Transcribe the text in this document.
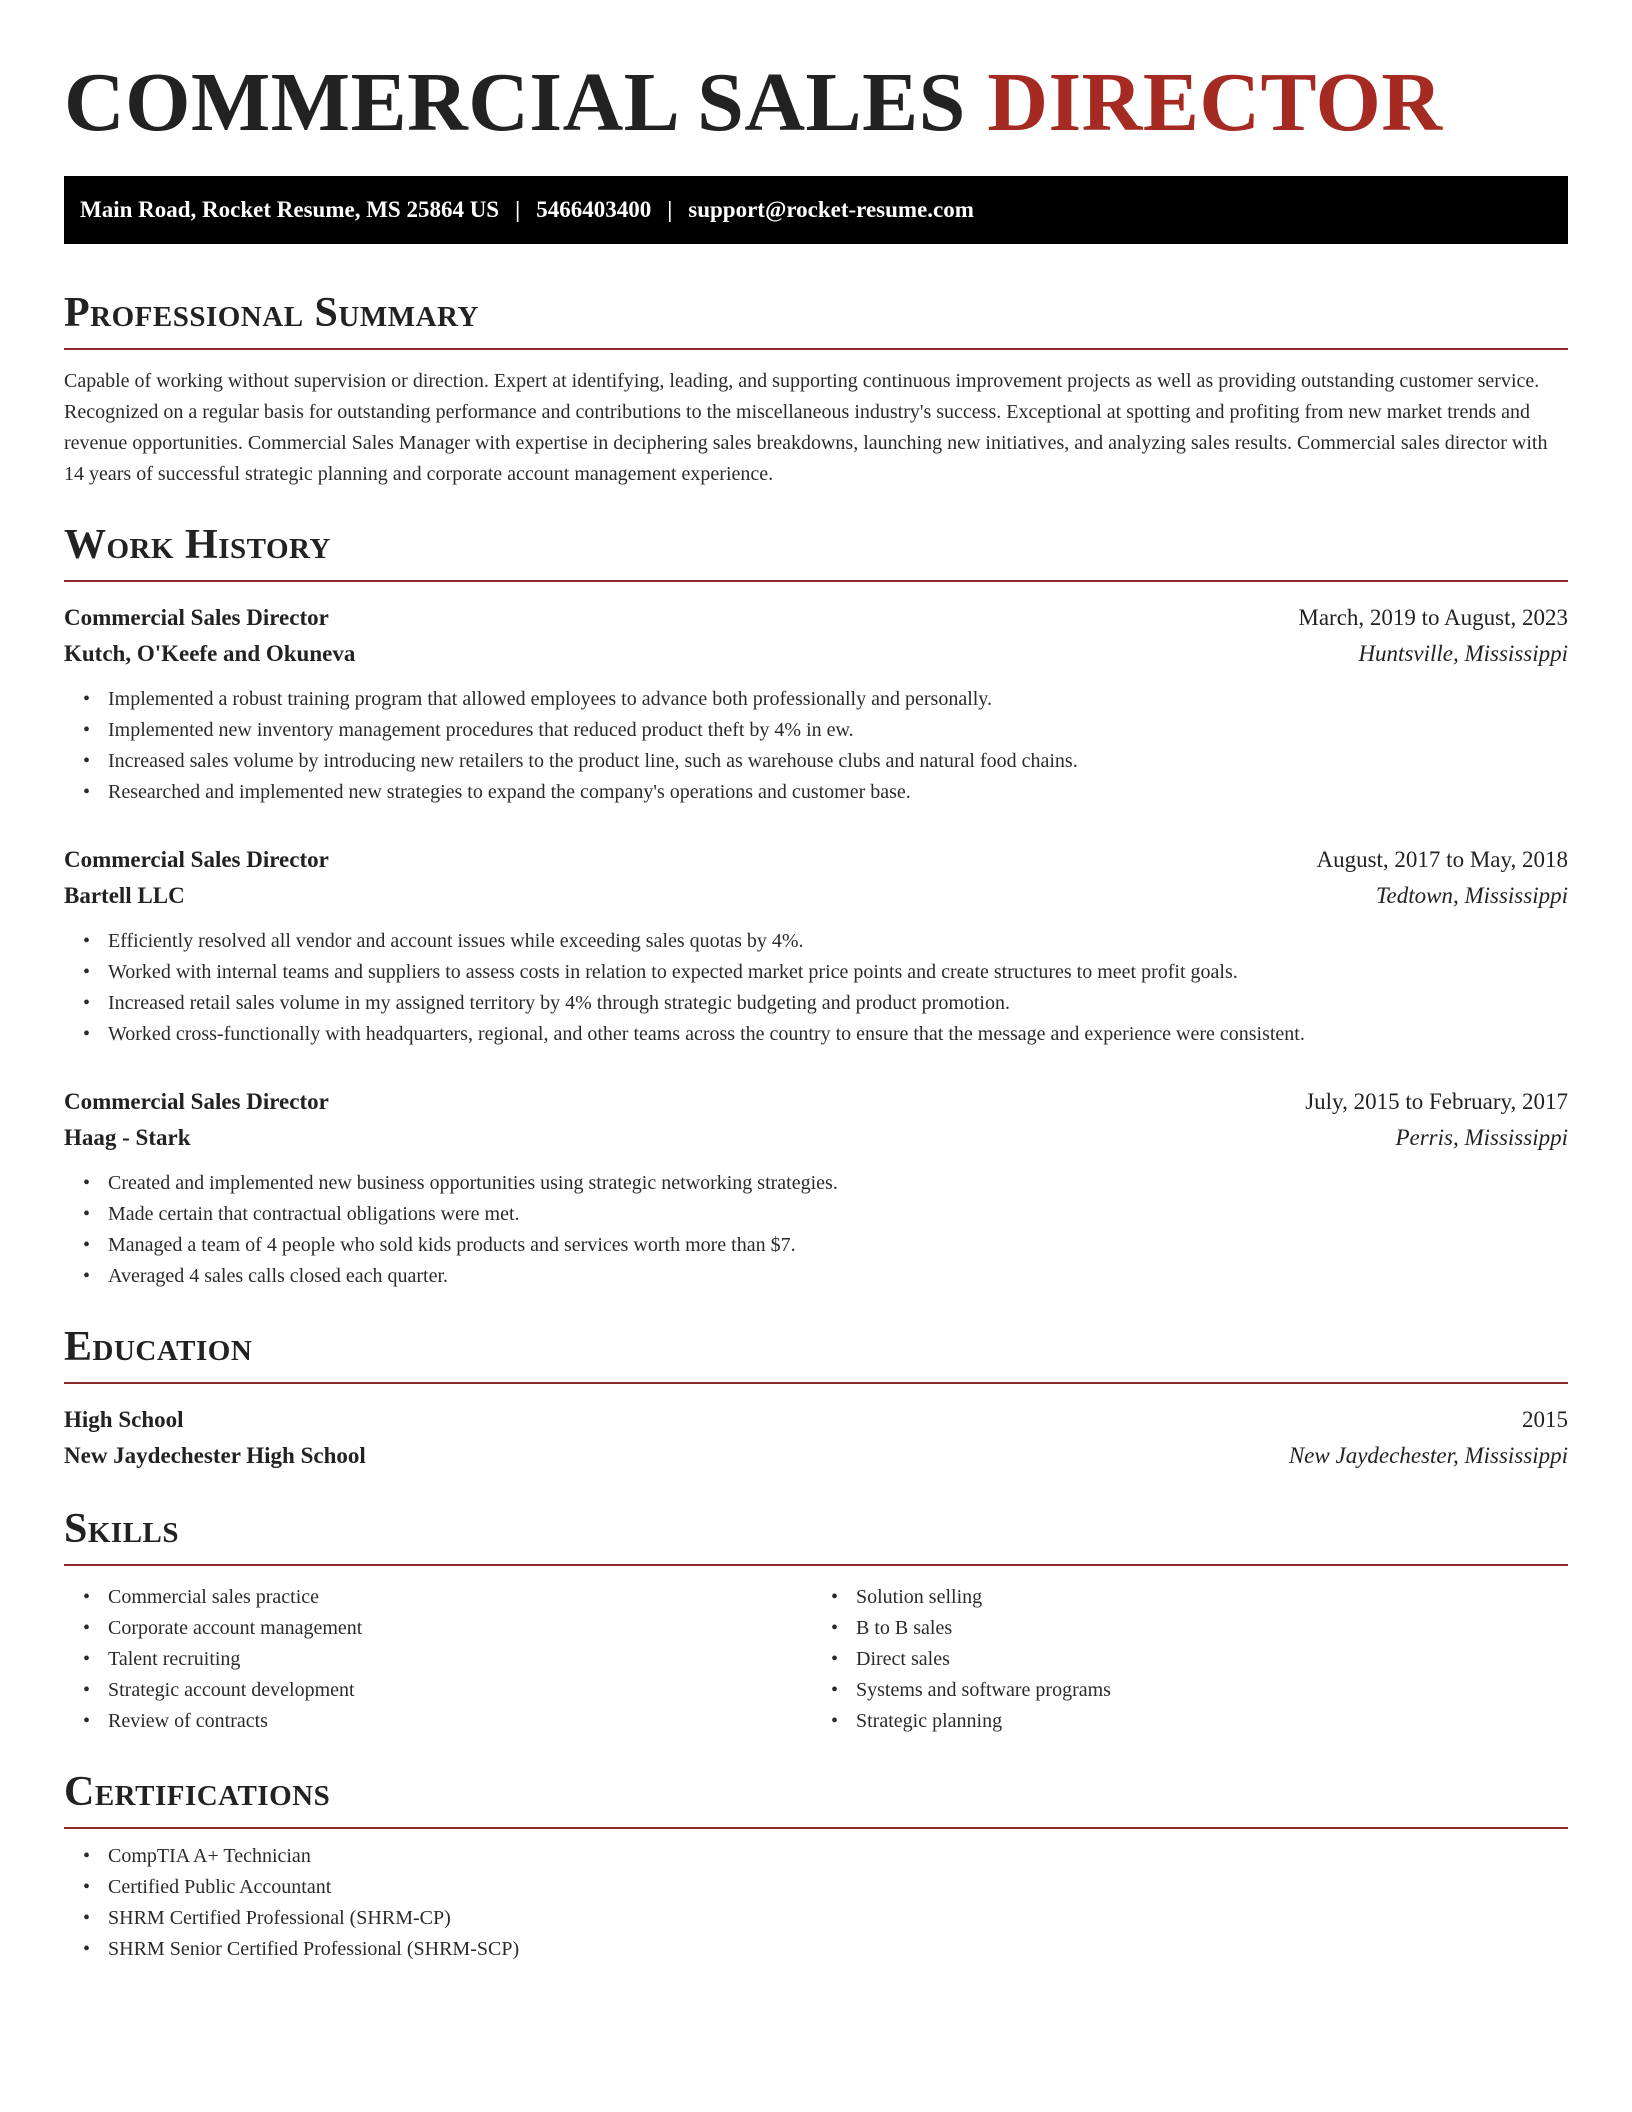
COMMERCIAL SALES DIRECTOR
Main Road, Rocket Resume, MS 25864 US | 5466403400 | support@rocket-resume.com
Professional Summary

Capable of working without supervision or direction. Expert at identifying, leading, and supporting continuous improvement projects as well as providing outstanding customer service. Recognized on a regular basis for outstanding performance and contributions to the miscellaneous industry's success. Exceptional at spotting and profiting from new market trends and revenue opportunities. Commercial Sales Manager with expertise in deciphering sales breakdowns, launching new initiatives, and analyzing sales results. Commercial sales director with 14 years of successful strategic planning and corporate account management experience.

Work History
Commercial Sales Director	March, 2019 to August, 2023
Kutch, O'Keefe and Okuneva	Huntsville, Mississippi
• Implemented a robust training program that allowed employees to advance both professionally and personally.
• Implemented new inventory management procedures that reduced product theft by 4% in ew.
• Increased sales volume by introducing new retailers to the product line, such as warehouse clubs and natural food chains.
• Researched and implemented new strategies to expand the company's operations and customer base.
Commercial Sales Director	August, 2017 to May, 2018
Bartell LLC	Tedtown, Mississippi
• Efficiently resolved all vendor and account issues while exceeding sales quotas by 4%.
• Worked with internal teams and suppliers to assess costs in relation to expected market price points and create structures to meet profit goals.
• Increased retail sales volume in my assigned territory by 4% through strategic budgeting and product promotion.
• Worked cross-functionally with headquarters, regional, and other teams across the country to ensure that the message and experience were consistent.
Commercial Sales Director	July, 2015 to February, 2017
Haag - Stark	Perris, Mississippi
• Created and implemented new business opportunities using strategic networking strategies.
• Made certain that contractual obligations were met.
• Managed a team of 4 people who sold kids products and services worth more than $7.
• Averaged 4 sales calls closed each quarter.
Education
High School	2015
New Jaydechester High School	New Jaydechester, Mississippi
Skills
• Commercial sales practice
• Corporate account management
• Talent recruiting
• Strategic account development
• Review of contracts
• Solution selling
• B to B sales
• Direct sales
• Systems and software programs
• Strategic planning
Certifications
• CompTIA A+ Technician
• Certified Public Accountant
• SHRM Certified Professional (SHRM-CP)
• SHRM Senior Certified Professional (SHRM-SCP)
